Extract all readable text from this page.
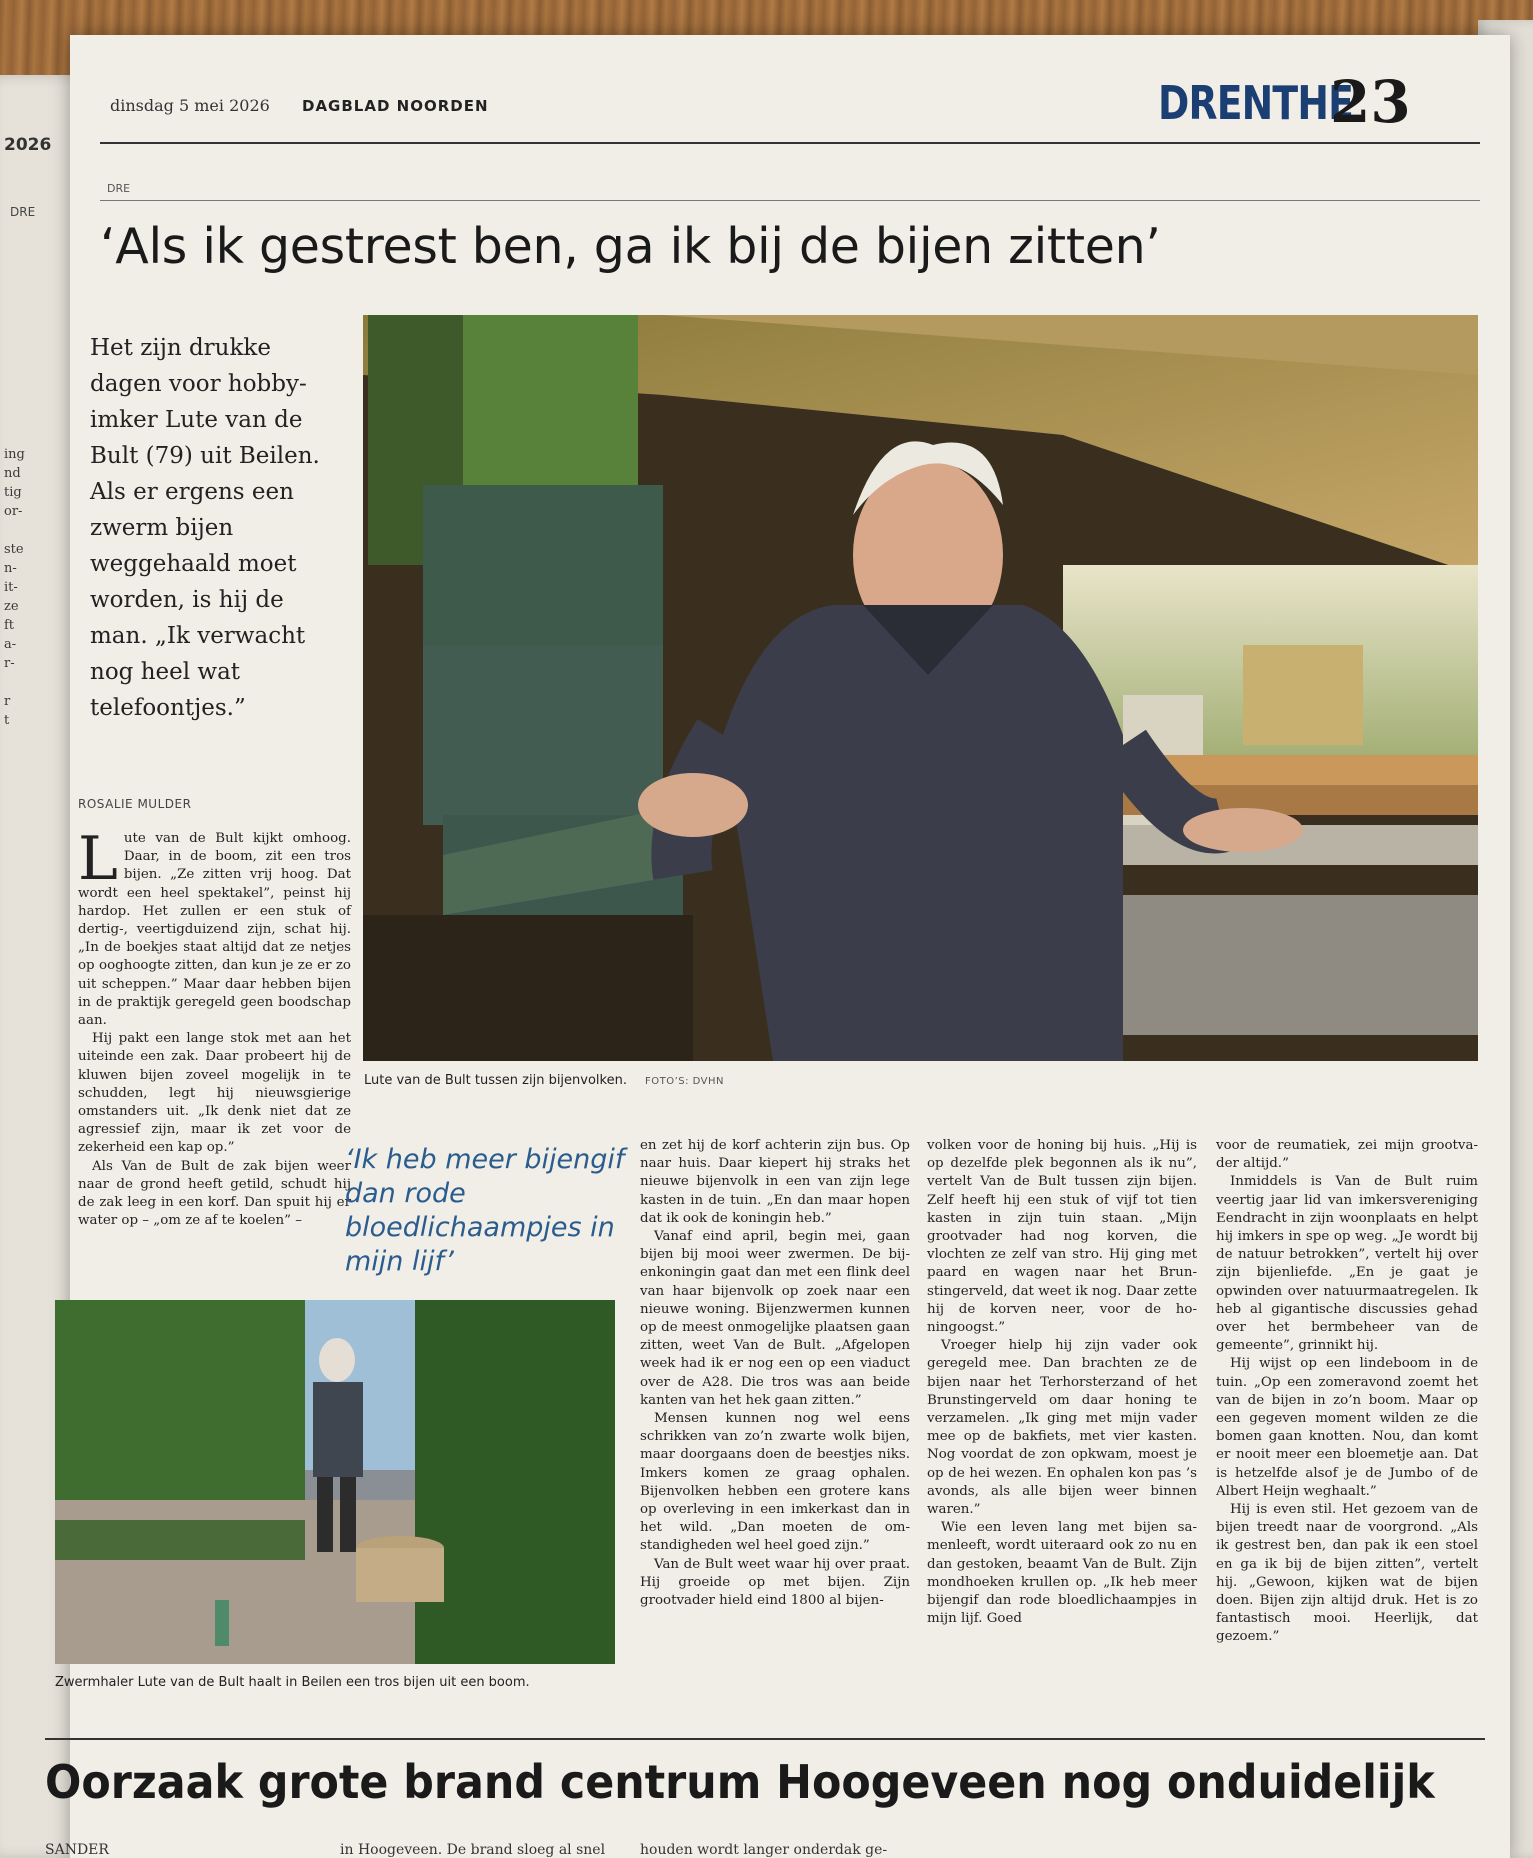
2026
DRE
ing
nd
tig
or-
ste
n-
it-
ze
ft
a-
r-
r
t
dinsdag 5 mei 2026 DAGBLAD NOORDEN	DRENTHE
23
DRE
‘Als ik gestrest ben, ga ik bij de bijen zitten’
Het zijn drukke dagen voor hobby-imker Lute van de Bult (79) uit Beilen. Als er ergens een zwerm bijen weggehaald moet worden, is hij de man. „Ik verwacht nog heel wat telefoontjes.”
ROSALIE MULDER
Lute van de Bult tussen zijn bijenvolken. FOTO’S: DVHN

Lute van de Bult kijkt omhoog. Daar, in de boom, zit een tros bijen. „Ze zitten vrij hoog. Dat wordt een heel spektakel”, peinst hij hardop. Het zullen er een stuk of dertig-, veertigduizend zijn, schat hij. „In de boekjes staat altijd dat ze netjes op ooghoogte zitten, dan kun je ze er zo uit scheppen.” Maar daar hebben bijen in de praktijk geregeld geen boodschap aan.

Hij pakt een lange stok met aan het uiteinde een zak. Daar probeert hij de kluwen bijen zoveel mogelijk in te schudden, legt hij nieuwsgierige omstanders uit. „Ik denk niet dat ze agressief zijn, maar ik zet voor de zekerheid een kap op.”

Als Van de Bult de zak bijen weer naar de grond heeft getild, schudt hij de zak leeg in een korf. Dan spuit hij er water op – „om ze af te koelen” –

‘Ik heb meer bijengif dan rode bloedlichaampjes in mijn lijf’
Zwermhaler Lute van de Bult haalt in Beilen een tros bijen uit een boom.

en zet hij de korf achterin zijn bus. Op naar huis. Daar kiepert hij straks het nieuwe bijenvolk in een van zijn lege kasten in de tuin. „En dan maar hopen dat ik ook de koningin heb.”

Vanaf eind april, begin mei, gaan bijen bij mooi weer zwermen. De bijenkoningin gaat dan met een flink deel van haar bijenvolk op zoek naar een nieuwe woning. Bijenzwermen kunnen op de meest onmogelijke plaatsen gaan zitten, weet Van de Bult. „Afgelopen week had ik er nog een op een viaduct over de A28. Die tros was aan beide kanten van het hek gaan zitten.”

Mensen kunnen nog wel eens schrikken van zo’n zwarte wolk bijen, maar doorgaans doen de beestjes niks. Imkers komen ze graag ophalen. Bijenvolken hebben een grotere kans op overleving in een imkerkast dan in het wild. „Dan moeten de omstandigheden wel heel goed zijn.”

Van de Bult weet waar hij over praat. Hij groeide op met bijen. Zijn grootvader hield eind 1800 al bijen-

volken voor de honing bij huis. „Hij is op dezelfde plek begonnen als ik nu”, vertelt Van de Bult tussen zijn bijen. Zelf heeft hij een stuk of vijf tot tien kasten in zijn tuin staan. „Mijn grootvader had nog korven, die vlochten ze zelf van stro. Hij ging met paard en wagen naar het Brunstingerveld, dat weet ik nog. Daar zette hij de korven neer, voor de honingoogst.”

Vroeger hielp hij zijn vader ook geregeld mee. Dan brachten ze de bijen naar het Terhorsterzand of het Brunstingerveld om daar honing te verzamelen. „Ik ging met mijn vader mee op de bakfiets, met vier kasten. Nog voordat de zon opkwam, moest je op de hei wezen. En ophalen kon pas ’s avonds, als alle bijen weer binnen waren.”

Wie een leven lang met bijen samenleeft, wordt uiteraard ook zo nu en dan gestoken, beaamt Van de Bult. Zijn mondhoeken krullen op. „Ik heb meer bijengif dan rode bloedlichaampjes in mijn lijf. Goed

voor de reumatiek, zei mijn grootvader altijd.”

Inmiddels is Van de Bult ruim veertig jaar lid van imkersvereniging Eendracht in zijn woonplaats en helpt hij imkers in spe op weg. „Je wordt bij de natuur betrokken”, vertelt hij over zijn bijenliefde. „En je gaat je opwinden over natuurmaatregelen. Ik heb al gigantische discussies gehad over het bermbeheer van de gemeente”, grinnikt hij.

Hij wijst op een lindeboom in de tuin. „Op een zomeravond zoemt het van de bijen in zo’n boom. Maar op een gegeven moment wilden ze die bomen gaan knotten. Nou, dan komt er nooit meer een bloemetje aan. Dat is hetzelfde alsof je de Jumbo of de Albert Heijn weghaalt.”

Hij is even stil. Het gezoem van de bijen treedt naar de voorgrond. „Als ik gestrest ben, dan pak ik een stoel en ga ik bij de bijen zitten”, vertelt hij. „Gewoon, kijken wat de bijen doen. Bijen zijn altijd druk. Het is zo fantastisch mooi. Heerlijk, dat gezoem.”

Oorzaak grote brand centrum Hoogeveen nog onduidelijk
SANDER	in Hoogeveen. De brand sloeg al snel houden wordt langer onderdak ge-
